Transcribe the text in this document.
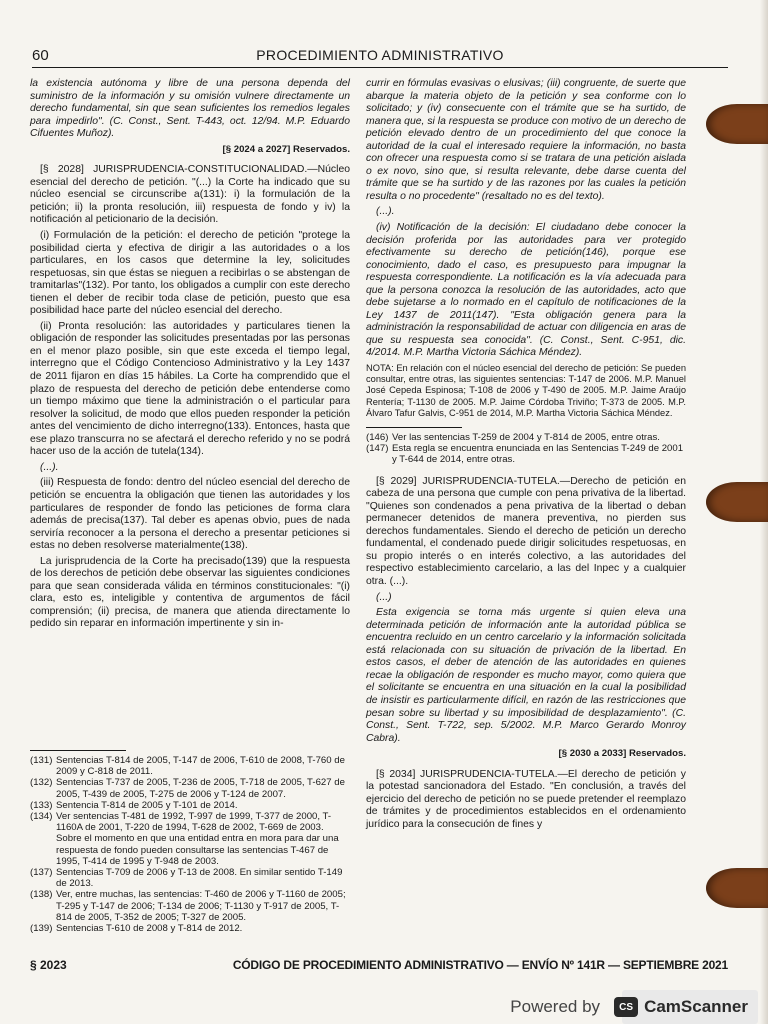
60	PROCEDIMIENTO ADMINISTRATIVO

la existencia autónoma y libre de una persona dependa del suministro de la información y su omisión vulnere directamente un derecho fundamental, sin que sean suficientes los remedios legales para impedirlo". (C. Const., Sent. T-443, oct. 12/94. M.P. Eduardo Cifuentes Muñoz).

[§ 2024 a 2027] Reservados.

[§ 2028] JURISPRUDENCIA-CONSTITUCIONALIDAD.—Núcleo esencial del derecho de petición. "(...) la Corte ha indicado que su núcleo esencial se circunscribe a(131): i) la formulación de la petición; ii) la pronta resolución, iii) respuesta de fondo y iv) la notificación al peticionario de la decisión.

(i) Formulación de la petición: el derecho de petición "protege la posibilidad cierta y efectiva de dirigir a las autoridades o a los particulares, en los casos que determine la ley, solicitudes respetuosas, sin que éstas se nieguen a recibirlas o se abstengan de tramitarlas"(132). Por tanto, los obligados a cumplir con este derecho tienen el deber de recibir toda clase de petición, puesto que esa posibilidad hace parte del núcleo esencial del derecho.

(ii) Pronta resolución: las autoridades y particulares tienen la obligación de responder las solicitudes presentadas por las personas en el menor plazo posible, sin que este exceda el tiempo legal, interregno que el Código Contencioso Administrativo y la Ley 1437 de 2011 fijaron en días 15 hábiles. La Corte ha comprendido que el plazo de respuesta del derecho de petición debe entenderse como un tiempo máximo que tiene la administración o el particular para resolver la solicitud, de modo que ellos pueden responder la petición antes del vencimiento de dicho interregno(133). Entonces, hasta que ese plazo transcurra no se afectará el derecho referido y no se podrá hacer uso de la acción de tutela(134).

(...).

(iii) Respuesta de fondo: dentro del núcleo esencial del derecho de petición se encuentra la obligación que tienen las autoridades y los particulares de responder de fondo las peticiones de forma clara además de precisa(137). Tal deber es apenas obvio, pues de nada serviría reconocer a la persona el derecho a presentar peticiones si estas no deben resolverse materialmente(138).

La jurisprudencia de la Corte ha precisado(139) que la respuesta de los derechos de petición debe observar las siguientes condiciones para que sean considerada válida en términos constitucionales: "(i) clara, esto es, inteligible y contentiva de argumentos de fácil comprensión; (ii) precisa, de manera que atienda directamente lo pedido sin reparar en información impertinente y sin in-

(131) Sentencias T-814 de 2005, T-147 de 2006, T-610 de 2008, T-760 de 2009 y C-818 de 2011.
(132) Sentencias T-737 de 2005, T-236 de 2005, T-718 de 2005, T-627 de 2005, T-439 de 2005, T-275 de 2006 y T-124 de 2007.
(133) Sentencia T-814 de 2005 y T-101 de 2014.
(134) Ver sentencias T-481 de 1992, T-997 de 1999, T-377 de 2000, T-1160A de 2001, T-220 de 1994, T-628 de 2002, T-669 de 2003. Sobre el momento en que una entidad entra en mora para dar una respuesta de fondo pueden consultarse las sentencias T-467 de 1995, T-414 de 1995 y T-948 de 2003.
(137) Sentencias T-709 de 2006 y T-13 de 2008. En similar sentido T-149 de 2013.
(138) Ver, entre muchas, las sentencias: T-460 de 2006 y T-1160 de 2005; T-295 y T-147 de 2006; T-134 de 2006; T-1130 y T-917 de 2005, T-814 de 2005, T-352 de 2005; T-327 de 2005.
(139) Sentencias T-610 de 2008 y T-814 de 2012.

currir en fórmulas evasivas o elusivas; (iii) congruente, de suerte que abarque la materia objeto de la petición y sea conforme con lo solicitado; y (iv) consecuente con el trámite que se ha surtido, de manera que, si la respuesta se produce con motivo de un derecho de petición elevado dentro de un procedimiento del que conoce la autoridad de la cual el interesado requiere la información, no basta con ofrecer una respuesta como si se tratara de una petición aislada o ex novo, sino que, si resulta relevante, debe darse cuenta del trámite que se ha surtido y de las razones por las cuales la petición resulta o no procedente" (resaltado no es del texto).

(...).

(iv) Notificación de la decisión: El ciudadano debe conocer la decisión proferida por las autoridades para ver protegido efectivamente su derecho de petición(146), porque ese conocimiento, dado el caso, es presupuesto para impugnar la respuesta correspondiente. La notificación es la vía adecuada para que la persona conozca la resolución de las autoridades, acto que debe sujetarse a lo normado en el capítulo de notificaciones de la Ley 1437 de 2011(147). "Esta obligación genera para la administración la responsabilidad de actuar con diligencia en aras de que su respuesta sea conocida". (C. Const., Sent. C-951, dic. 4/2014. M.P. Martha Victoria Sáchica Méndez).

NOTA: En relación con el núcleo esencial del derecho de petición: Se pueden consultar, entre otras, las siguientes sentencias: T-147 de 2006. M.P. Manuel José Cepeda Espinosa; T-108 de 2006 y T-490 de 2005. M.P. Jaime Araújo Rentería; T-1130 de 2005. M.P. Jaime Córdoba Triviño; T-373 de 2005. M.P. Álvaro Tafur Galvis, C-951 de 2014, M.P. Martha Victoria Sáchica Méndez.

(146) Ver las sentencias T-259 de 2004 y T-814 de 2005, entre otras.
(147) Esta regla se encuentra enunciada en las Sentencias T-249 de 2001 y T-644 de 2014, entre otras.

[§ 2029] JURISPRUDENCIA-TUTELA.—Derecho de petición en cabeza de una persona que cumple con pena privativa de la libertad. "Quienes son condenados a pena privativa de la libertad o deban permanecer detenidos de manera preventiva, no pierden sus derechos fundamentales. Siendo el derecho de petición un derecho fundamental, el condenado puede dirigir solicitudes respetuosas, en su propio interés o en interés colectivo, a las autoridades del respectivo establecimiento carcelario, a las del Inpec y a cualquier otra. (...).

(...)

Esta exigencia se torna más urgente si quien eleva una determinada petición de información ante la autoridad pública se encuentra recluido en un centro carcelario y la información solicitada está relacionada con su situación de privación de la libertad. En estos casos, el deber de atención de las autoridades en quienes recae la obligación de responder es mucho mayor, como quiera que el solicitante se encuentra en una situación en la cual la posibilidad de insistir es particularmente difícil, en razón de las restricciones que pesan sobre su libertad y su imposibilidad de desplazamiento". (C. Const., Sent. T-722, sep. 5/2002. M.P. Marco Gerardo Monroy Cabra).

[§ 2030 a 2033] Reservados.

[§ 2034] JURISPRUDENCIA-TUTELA.—El derecho de petición y la potestad sancionadora del Estado. "En conclusión, a través del ejercicio del derecho de petición no se puede pretender el reemplazo de trámites y de procedimientos establecidos en el ordenamiento jurídico para la consecución de fines y

§ 2023	CÓDIGO DE PROCEDIMIENTO ADMINISTRATIVO — ENVÍO Nº 141R — SEPTIEMBRE 2021
Powered by	CS CamScanner
